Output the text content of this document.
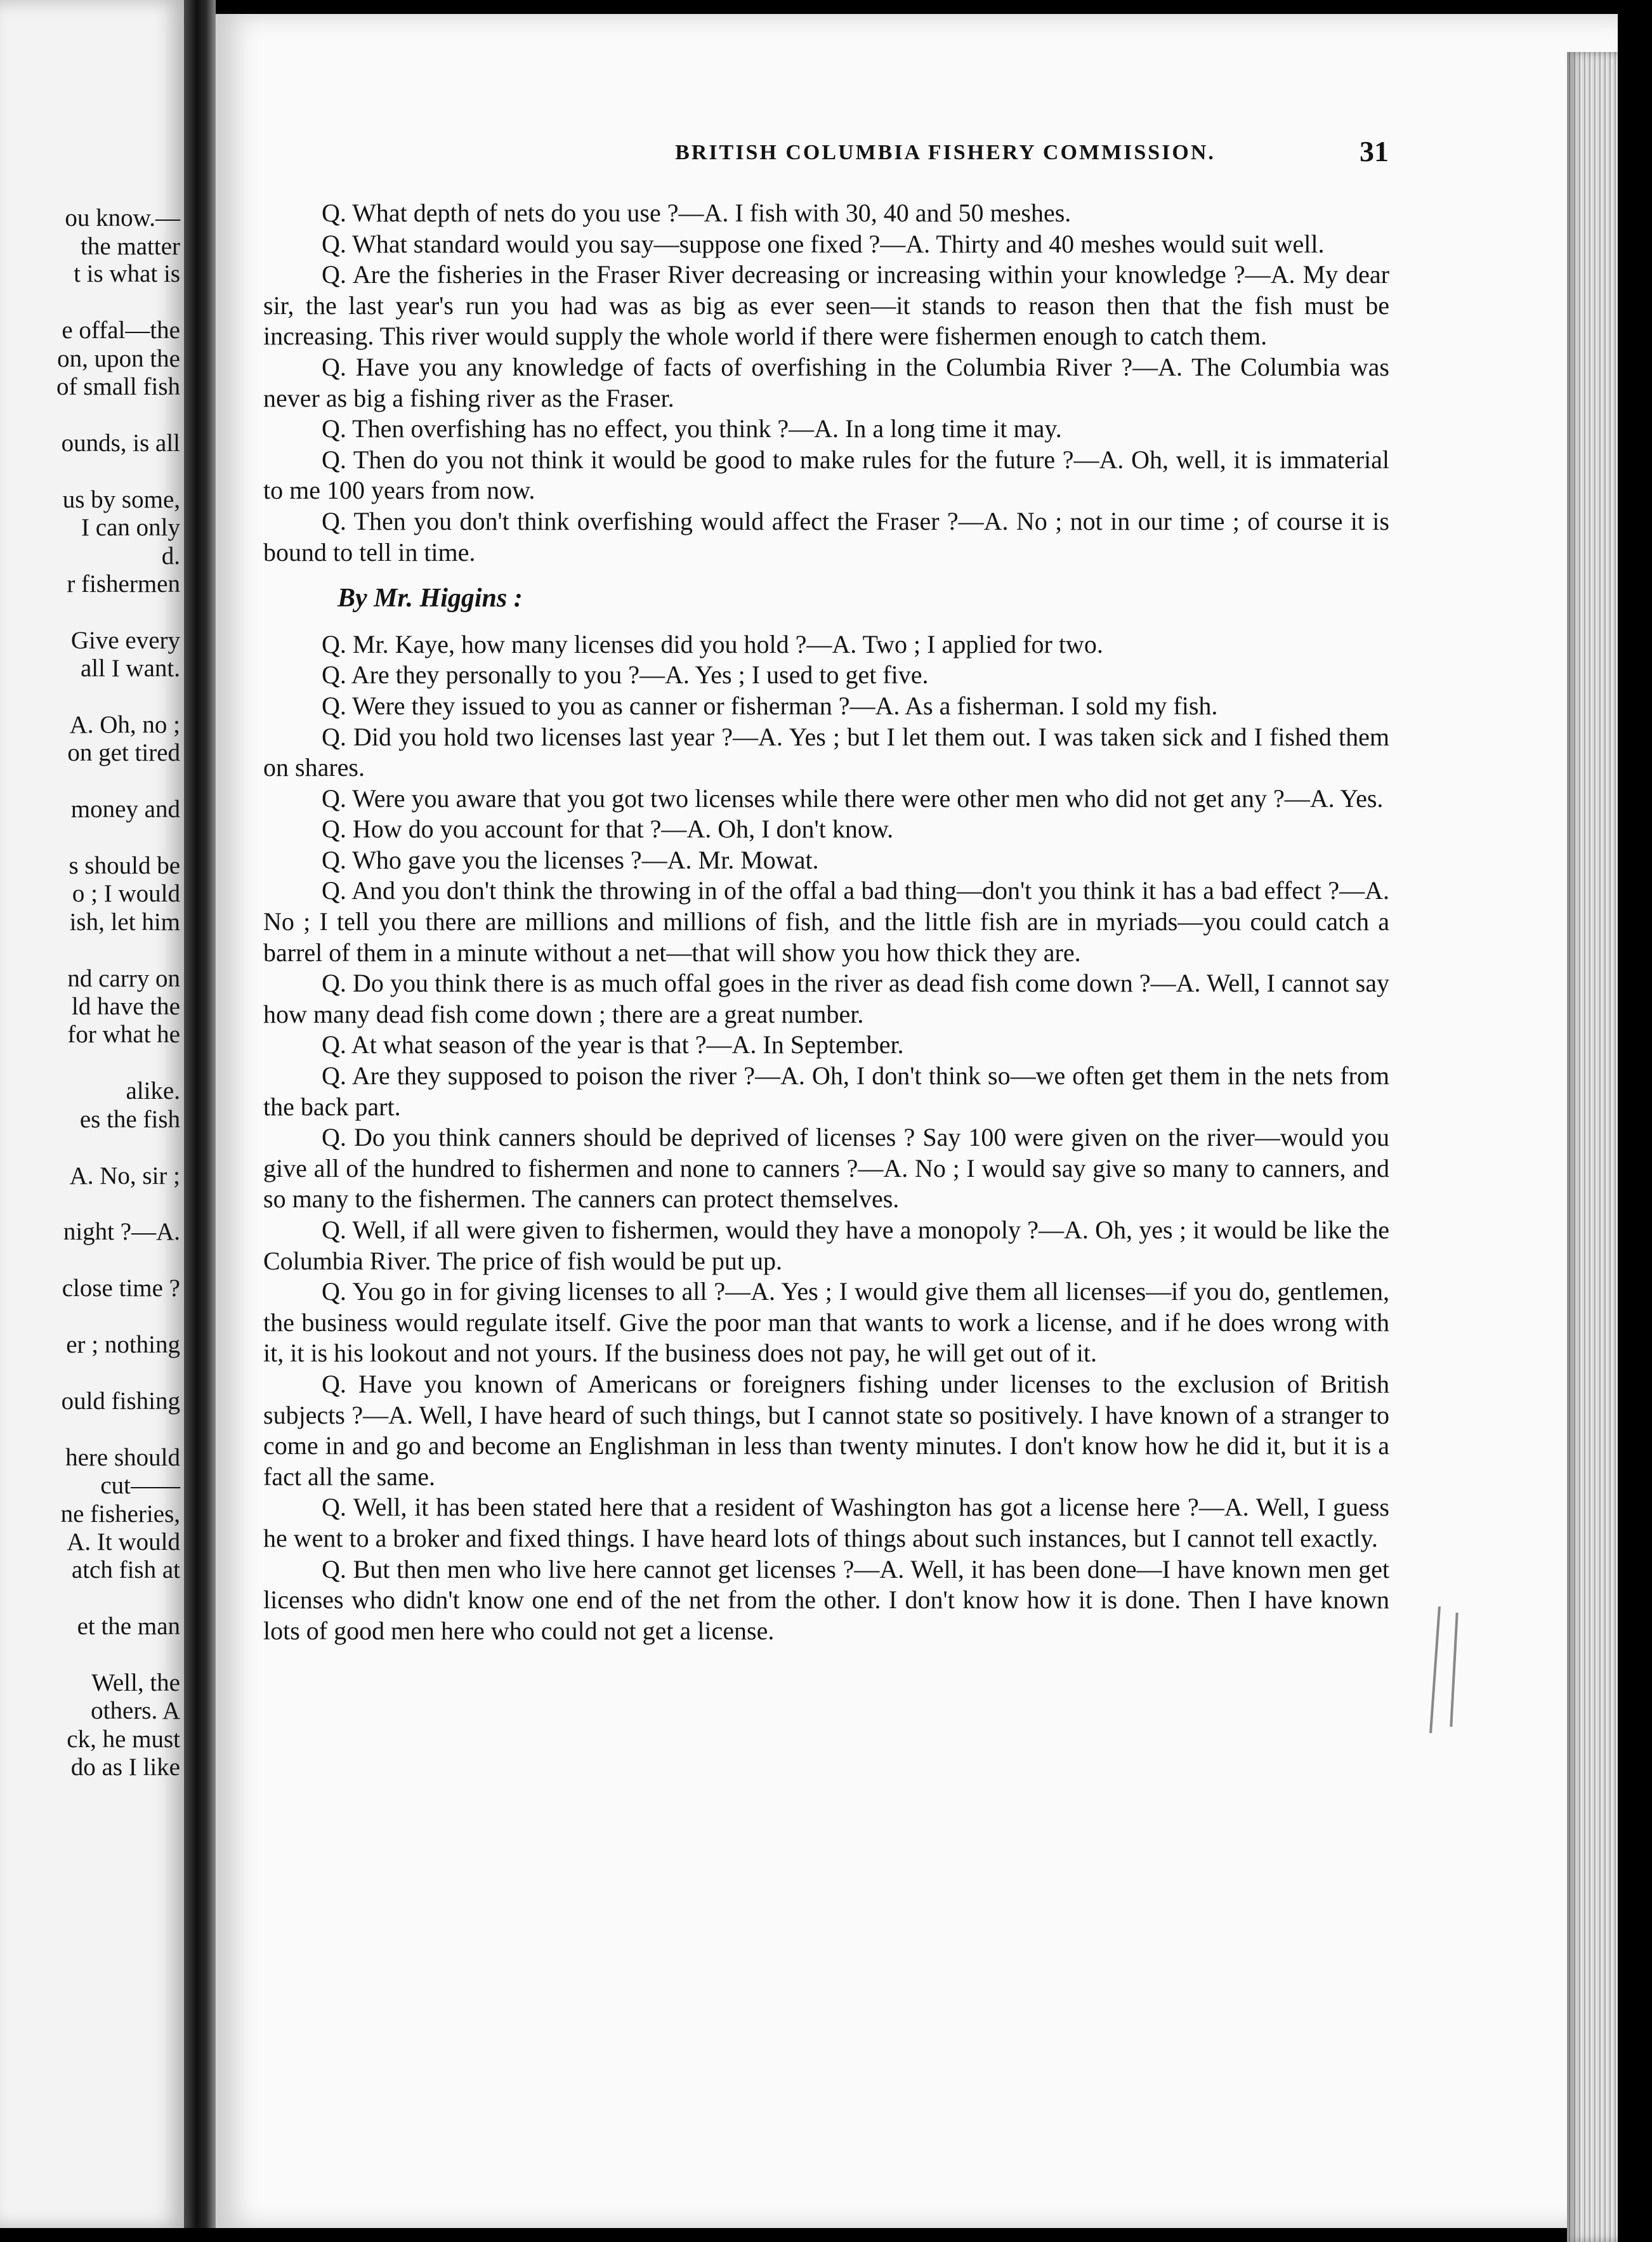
ou know.—
the matter
t is what is
e offal—the
on, upon the
of small fish
ounds, is all
us by some,
I can only
d.
r fishermen
Give every
all I want.
A. Oh, no ;
on get tired
money and
s should be
o ; I would
ish, let him
nd carry on
ld have the
for what he
alike.
es the fish
A. No, sir ;
night ?—A.
close time ?
er ; nothing
ould fishing
here should
cut——
ne fisheries,
A. It would
atch fish at
et the man
Well, the
others. A
ck, he must
do as I like
BRITISH COLUMBIA FISHERY COMMISSION.	31

Q. What depth of nets do you use ?—A. I fish with 30, 40 and 50 meshes.

Q. What standard would you say—suppose one fixed ?—A. Thirty and 40 meshes would suit well.

Q. Are the fisheries in the Fraser River decreasing or increasing within your knowledge ?—A. My dear sir, the last year's run you had was as big as ever seen—it stands to reason then that the fish must be increasing. This river would supply the whole world if there were fishermen enough to catch them.

Q. Have you any knowledge of facts of overfishing in the Columbia River ?—A. The Columbia was never as big a fishing river as the Fraser.

Q. Then overfishing has no effect, you think ?—A. In a long time it may.

Q. Then do you not think it would be good to make rules for the future ?—A. Oh, well, it is immaterial to me 100 years from now.

Q. Then you don't think overfishing would affect the Fraser ?—A. No ; not in our time ; of course it is bound to tell in time.

By Mr. Higgins :

Q. Mr. Kaye, how many licenses did you hold ?—A. Two ; I applied for two.

Q. Are they personally to you ?—A. Yes ; I used to get five.

Q. Were they issued to you as canner or fisherman ?—A. As a fisherman. I sold my fish.

Q. Did you hold two licenses last year ?—A. Yes ; but I let them out. I was taken sick and I fished them on shares.

Q. Were you aware that you got two licenses while there were other men who did not get any ?—A. Yes.

Q. How do you account for that ?—A. Oh, I don't know.

Q. Who gave you the licenses ?—A. Mr. Mowat.

Q. And you don't think the throwing in of the offal a bad thing—don't you think it has a bad effect ?—A. No ; I tell you there are millions and millions of fish, and the little fish are in myriads—you could catch a barrel of them in a minute without a net—that will show you how thick they are.

Q. Do you think there is as much offal goes in the river as dead fish come down ?—A. Well, I cannot say how many dead fish come down ; there are a great number.

Q. At what season of the year is that ?—A. In September.

Q. Are they supposed to poison the river ?—A. Oh, I don't think so—we often get them in the nets from the back part.

Q. Do you think canners should be deprived of licenses ? Say 100 were given on the river—would you give all of the hundred to fishermen and none to canners ?—A. No ; I would say give so many to canners, and so many to the fishermen. The canners can protect themselves.

Q. Well, if all were given to fishermen, would they have a monopoly ?—A. Oh, yes ; it would be like the Columbia River. The price of fish would be put up.

Q. You go in for giving licenses to all ?—A. Yes ; I would give them all licenses—if you do, gentlemen, the business would regulate itself. Give the poor man that wants to work a license, and if he does wrong with it, it is his lookout and not yours. If the business does not pay, he will get out of it.

Q. Have you known of Americans or foreigners fishing under licenses to the exclusion of British subjects ?—A. Well, I have heard of such things, but I cannot state so positively. I have known of a stranger to come in and go and become an Englishman in less than twenty minutes. I don't know how he did it, but it is a fact all the same.

Q. Well, it has been stated here that a resident of Washington has got a license here ?—A. Well, I guess he went to a broker and fixed things. I have heard lots of things about such instances, but I cannot tell exactly.

Q. But then men who live here cannot get licenses ?—A. Well, it has been done—I have known men get licenses who didn't know one end of the net from the other. I don't know how it is done. Then I have known lots of good men here who could not get a license.
